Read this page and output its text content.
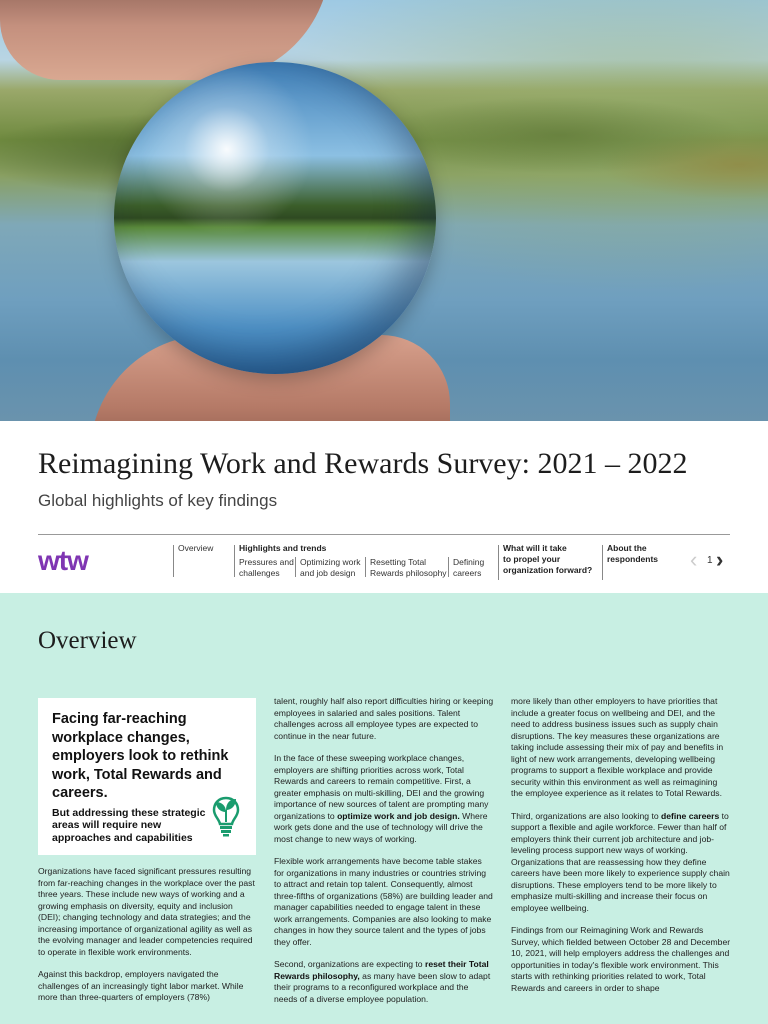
Reimagining Work and Rewards Survey: 2021 – 2022
Global highlights of key findings
wtw	Overview	Highlights and trends
Pressures and
challenges
Optimizing work
and job design
Resetting Total
Rewards philosophy
Defining
careers
What will it take
to propel your
organization forward?
About the
respondents ‹ 1 ›
Overview
Facing far-reaching workplace changes, employers look to rethink work, Total Rewards and careers.
But addressing these strategic areas will require new approaches and capabilities

Organizations have faced significant pressures resulting from far-reaching changes in the workplace over the past three years. These include new ways of working and a growing emphasis on diversity, equity and inclusion (DEI); changing technology and data strategies; and the increasing importance of organizational agility as well as the evolving manager and leader competencies required to operate in flexible work environments.

Against this backdrop, employers navigated the challenges of an increasingly tight labor market. While more than three-quarters of employers (78%)

talent, roughly half also report difficulties hiring or keeping employees in salaried and sales positions. Talent challenges across all employee types are expected to continue in the near future.

In the face of these sweeping workplace changes, employers are shifting priorities across work, Total Rewards and careers to remain competitive. First, a greater emphasis on multi-skilling, DEI and the growing importance of new sources of talent are prompting many organizations to optimize work and job design. Where work gets done and the use of technology will drive the most change to new ways of working.

Flexible work arrangements have become table stakes for organizations in many industries or countries striving to attract and retain top talent. Consequently, almost three-fifths of organizations (58%) are building leader and manager capabilities needed to engage talent in these work arrangements. Companies are also looking to make changes in how they source talent and the types of jobs they offer.

Second, organizations are expecting to reset their Total Rewards philosophy, as many have been slow to adapt their programs to a reconfigured workplace and the needs of a diverse employee population.

more likely than other employers to have priorities that include a greater focus on wellbeing and DEI, and the need to address business issues such as supply chain disruptions. The key measures these organizations are taking include assessing their mix of pay and benefits in light of new work arrangements, developing wellbeing programs to support a flexible workplace and provide security within this environment as well as reimagining the employee experience as it relates to Total Rewards.

Third, organizations are also looking to define careers to support a flexible and agile workforce. Fewer than half of employers think their current job architecture and job-leveling process support new ways of working. Organizations that are reassessing how they define careers have been more likely to experience supply chain disruptions. These employers tend to be more likely to emphasize multi-skilling and increase their focus on employee wellbeing.

Findings from our Reimagining Work and Rewards Survey, which fielded between October 28 and December 10, 2021, will help employers address the challenges and opportunities in today's flexible work environment. This starts with rethinking priorities related to work, Total Rewards and careers in order to shape
